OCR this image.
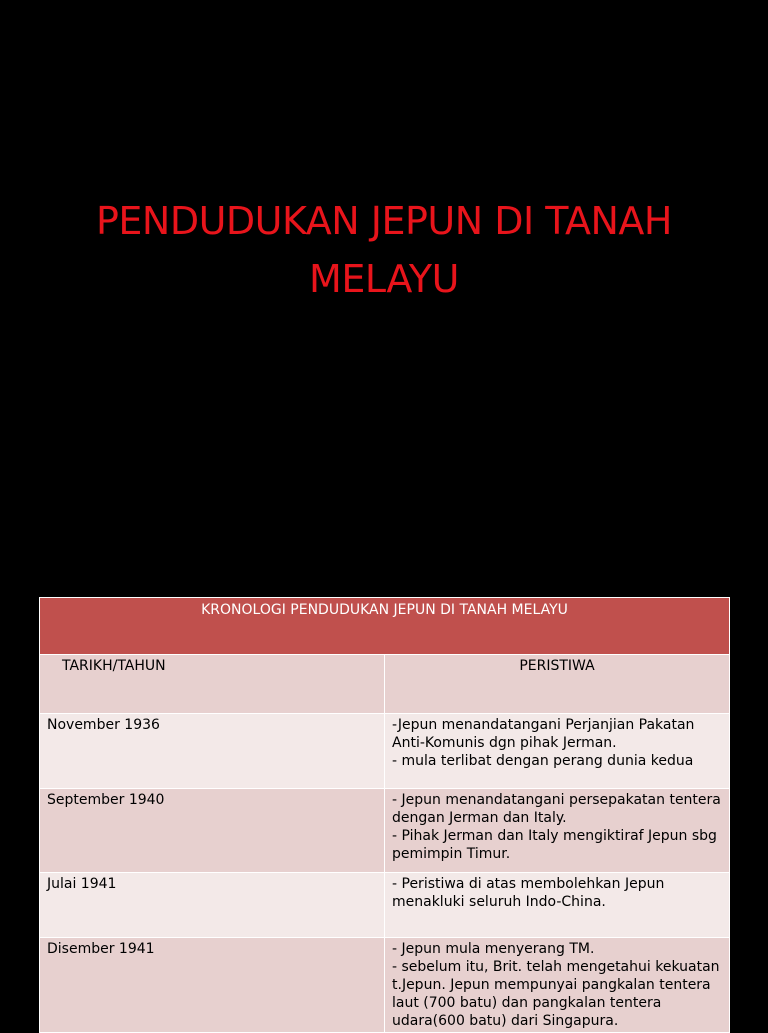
PENDUDUKAN JEPUN DI TANAH
MELAYU
KRONOLOGI PENDUDUKAN JEPUN DI TANAH MELAYU	
TARIKH/TAHUN	PERISTIWA
November 1936	-Jepun menandatangani Perjanjian Pakatan Anti-Komunis dgn pihak Jerman.
- mula terlibat dengan perang dunia kedua

September 1940	- Jepun menandatangani persepakatan tentera dengan Jerman dan Italy.
- Pihak Jerman dan Italy mengiktiraf Jepun sbg pemimpin Timur.

Julai 1941	- Peristiwa di atas membolehkan Jepun menakluki seluruh Indo-China.

Disember 1941	- Jepun mula menyerang TM.
- sebelum itu, Brit. telah mengetahui kekuatan t.Jepun. Jepun mempunyai pangkalan tentera laut (700 batu) dan pangkalan tentera udara(600 batu) dari Singapura.
